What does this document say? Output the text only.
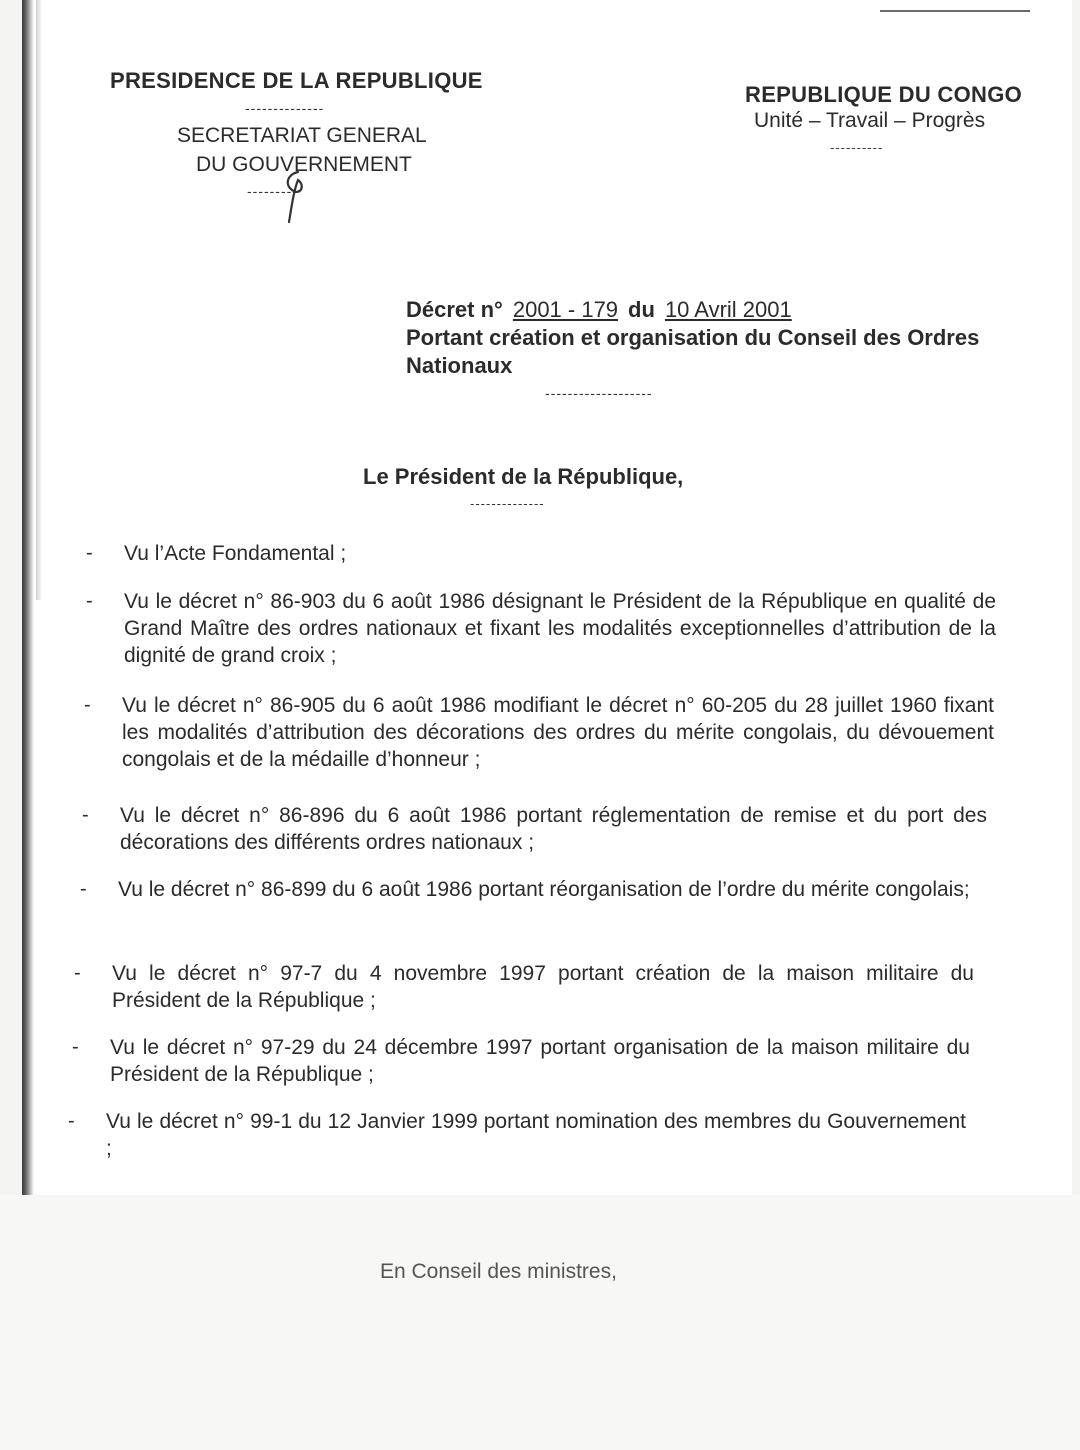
PRESIDENCE DE LA REPUBLIQUE
--------------
SECRETARIAT GENERAL
DU GOUVERNEMENT
---------
REPUBLIQUE DU CONGO
Unité – Travail – Progrès
----------
Décret n° 2001 - 179 du 10 Avril 2001
Portant création et organisation du Conseil des Ordres Nationaux
-------------------
Le Président de la République,
--------------
- Vu l’Acte Fondamental ;
- Vu le décret n° 86-903 du 6 août 1986 désignant le Président de la République en qualité de Grand Maître des ordres nationaux et fixant les modalités exceptionnelles d’attribution de la dignité de grand croix ;
- Vu le décret n° 86-905 du 6 août 1986 modifiant le décret n° 60-205 du 28 juillet 1960 fixant les modalités d’attribution des décorations des ordres du mérite congolais, du dévouement congolais et de la médaille d’honneur ;
- Vu le décret n° 86-896 du 6 août 1986 portant réglementation de remise et du port des décorations des différents ordres nationaux ;
- Vu le décret n° 86-899 du 6 août 1986 portant réorganisation de l’ordre du mérite congolais;
- Vu le décret n° 97-7 du 4 novembre 1997 portant création de la maison militaire du Président de la République ;
- Vu le décret n° 97-29 du 24 décembre 1997 portant organisation de la maison militaire du Président de la République ;
- Vu le décret n° 99-1 du 12 Janvier 1999 portant nomination des membres du Gouvernement ;
En Conseil des ministres,
